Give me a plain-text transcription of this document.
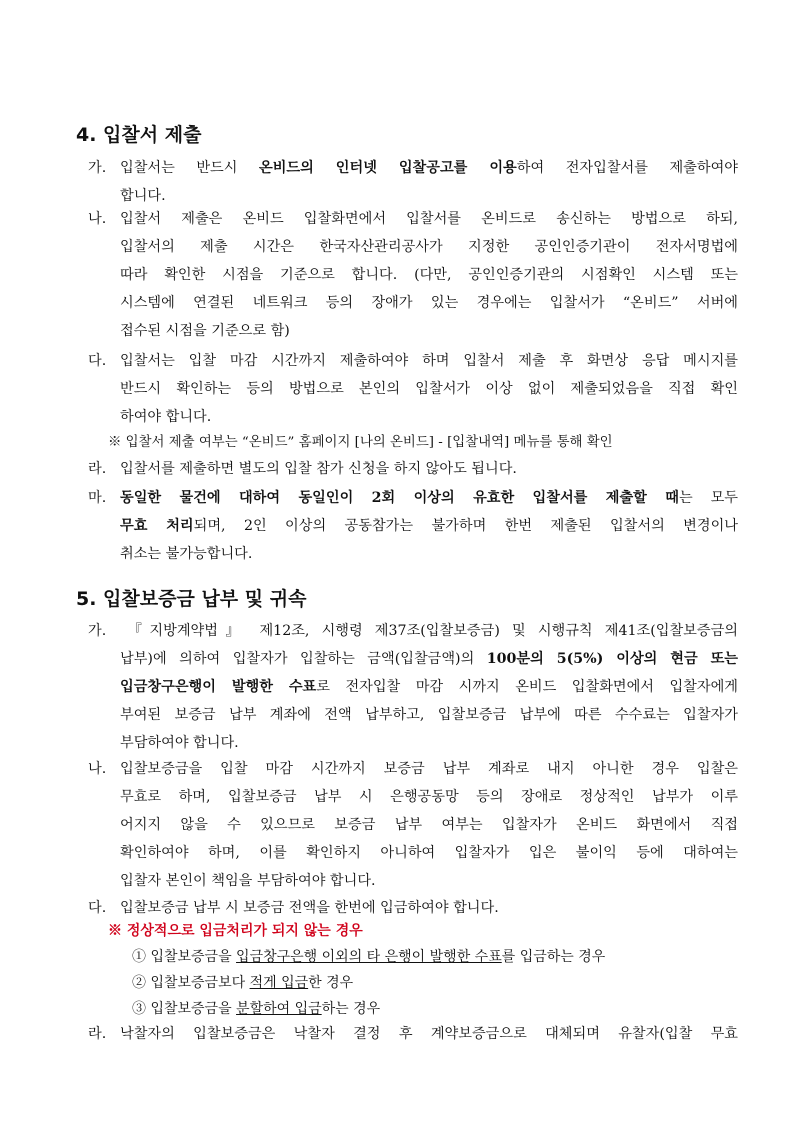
4. 입찰서 제출
가. 입찰서는 반드시 온비드의 인터넷 입찰공고를 이용하여 전자입찰서를 제출하여야
합니다.
나. 입찰서 제출은 온비드 입찰화면에서 입찰서를 온비드로 송신하는 방법으로 하되,
입찰서의 제출 시간은 한국자산관리공사가 지정한 공인인증기관이 전자서명법에
따라 확인한 시점을 기준으로 합니다. (다만, 공인인증기관의 시점확인 시스템 또는
시스템에 연결된 네트워크 등의 장애가 있는 경우에는 입찰서가 “온비드” 서버에
접수된 시점을 기준으로 함)
다. 입찰서는 입찰 마감 시간까지 제출하여야 하며 입찰서 제출 후 화면상 응답 메시지를
반드시 확인하는 등의 방법으로 본인의 입찰서가 이상 없이 제출되었음을 직접 확인
하여야 합니다.
※ 입찰서 제출 여부는 “온비드” 홈페이지 [나의 온비드] - [입찰내역] 메뉴를 통해 확인
라. 입찰서를 제출하면 별도의 입찰 참가 신청을 하지 않아도 됩니다.
마. 동일한 물건에 대하여 동일인이 2회 이상의 유효한 입찰서를 제출할 때는 모두
무효 처리되며, 2인 이상의 공동참가는 불가하며 한번 제출된 입찰서의 변경이나
취소는 불가능합니다.
5. 입찰보증금 납부 및 귀속
가. 『지방계약법』 제12조, 시행령 제37조(입찰보증금) 및 시행규칙 제41조(입찰보증금의
납부)에 의하여 입찰자가 입찰하는 금액(입찰금액)의 100분의 5(5%) 이상의 현금 또는
입금창구은행이 발행한 수표로 전자입찰 마감 시까지 온비드 입찰화면에서 입찰자에게
부여된 보증금 납부 계좌에 전액 납부하고, 입찰보증금 납부에 따른 수수료는 입찰자가
부담하여야 합니다.
나. 입찰보증금을 입찰 마감 시간까지 보증금 납부 계좌로 내지 아니한 경우 입찰은
무효로 하며, 입찰보증금 납부 시 은행공동망 등의 장애로 정상적인 납부가 이루
어지지 않을 수 있으므로 보증금 납부 여부는 입찰자가 온비드 화면에서 직접
확인하여야 하며, 이를 확인하지 아니하여 입찰자가 입은 불이익 등에 대하여는
입찰자 본인이 책임을 부담하여야 합니다.
다. 입찰보증금 납부 시 보증금 전액을 한번에 입금하여야 합니다.
※ 정상적으로 입금처리가 되지 않는 경우
① 입찰보증금을 입금창구은행 이외의 타 은행이 발행한 수표를 입금하는 경우
② 입찰보증금보다 적게 입금한 경우
③ 입찰보증금을 분할하여 입금하는 경우
라. 낙찰자의 입찰보증금은 낙찰자 결정 후 계약보증금으로 대체되며 유찰자(입찰 무효
